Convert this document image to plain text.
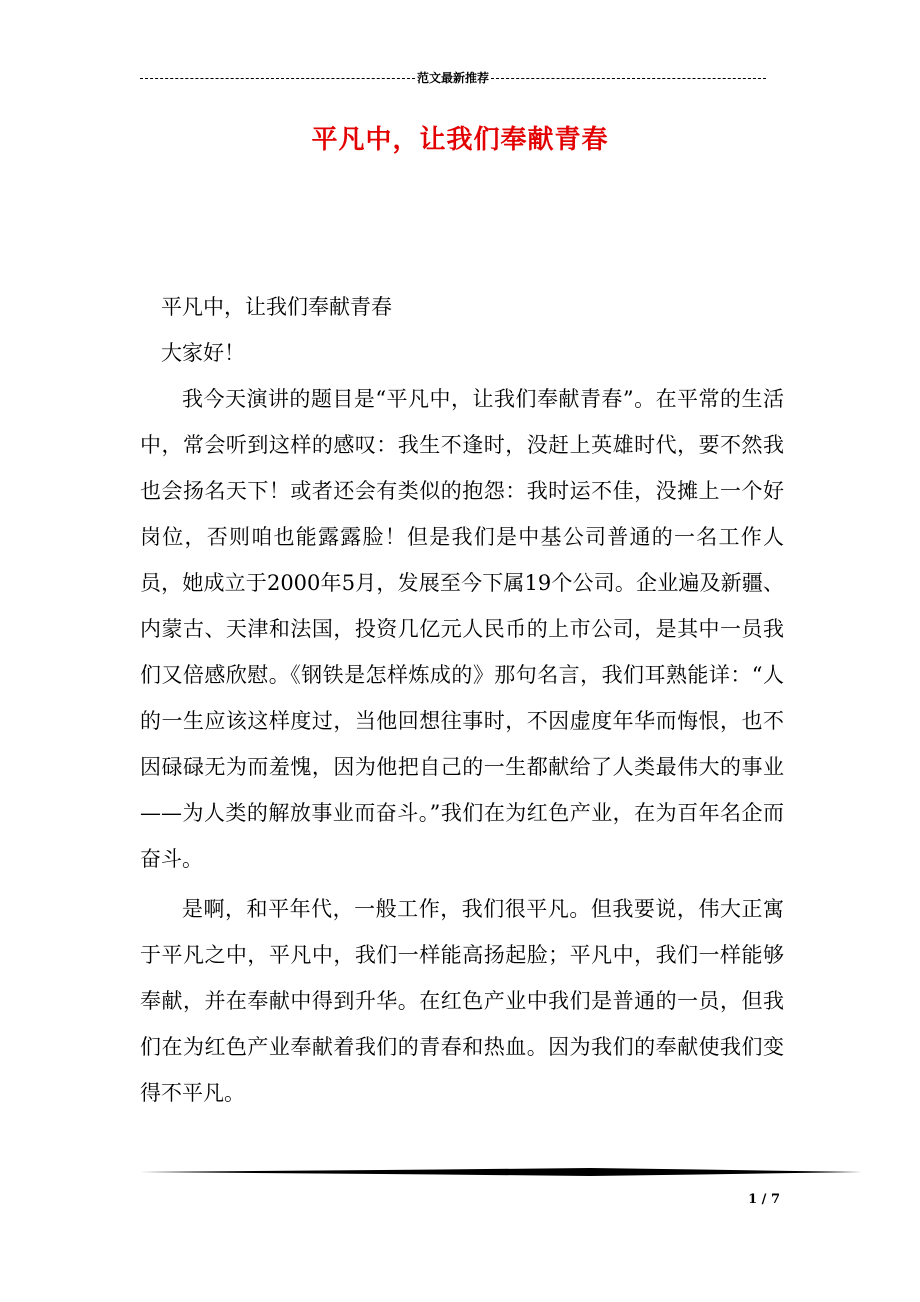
范文最新推荐
平凡中，让我们奉献青春

平凡中，让我们奉献青春

大家好！

我今天演讲的题目是“平凡中，让我们奉献青春”。在平常的生活中，常会听到这样的感叹：我生不逢时，没赶上英雄时代，要不然我也会扬名天下！或者还会有类似的抱怨：我时运不佳，没摊上一个好岗位，否则咱也能露露脸！但是我们是中基公司普通的一名工作人员，她成立于2000年5月，发展至今下属19个公司。企业遍及新疆、内蒙古、天津和法国，投资几亿元人民币的上市公司，是其中一员我们又倍感欣慰。《钢铁是怎样炼成的》那句名言，我们耳熟能详：“人的一生应该这样度过，当他回想往事时，不因虚度年华而悔恨，也不因碌碌无为而羞愧，因为他把自己的一生都献给了人类最伟大的事业——为人类的解放事业而奋斗。”我们在为红色产业，在为百年名企而奋斗。

是啊，和平年代，一般工作，我们很平凡。但我要说，伟大正寓于平凡之中，平凡中，我们一样能高扬起脸；平凡中，我们一样能够奉献，并在奉献中得到升华。在红色产业中我们是普通的一员，但我们在为红色产业奉献着我们的青春和热血。因为我们的奉献使我们变得不平凡。

1 / 7
